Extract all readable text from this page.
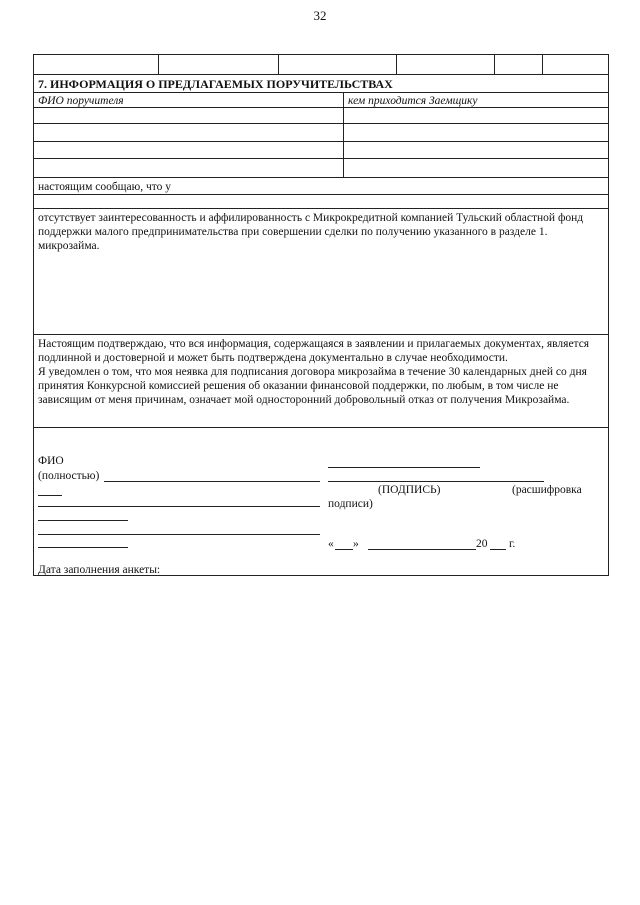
32
7. ИНФОРМАЦИЯ О ПРЕДЛАГАЕМЫХ ПОРУЧИТЕЛЬСТВАХ
ФИО поручителя	кем приходится Заемщику
настоящим сообщаю, что у
отсутствует заинтересованность и аффилированность с Микрокредитной компанией Тульский областной фонд поддержки малого предпринимательства при совершении сделки по получению указанного в разделе 1. микрозайма.
Настоящим подтверждаю, что вся информация, содержащаяся в заявлении и прилагаемых документах, является подлинной и достоверной и может быть подтверждена документально в случае необходимости.
Я уведомлен о том, что моя неявка для подписания договора микрозайма в течение 30 календарных дней со дня принятия Конкурсной комиссией решения об оказании финансовой поддержки, по любым, в том числе не зависящим от меня причинам, означает мой односторонний добровольный отказ от получения Микрозайма.
ФИО
(полностью)
(ПОДПИСЬ)	(расшифровка
подписи)
« »	20 г.
Дата заполнения анкеты:
